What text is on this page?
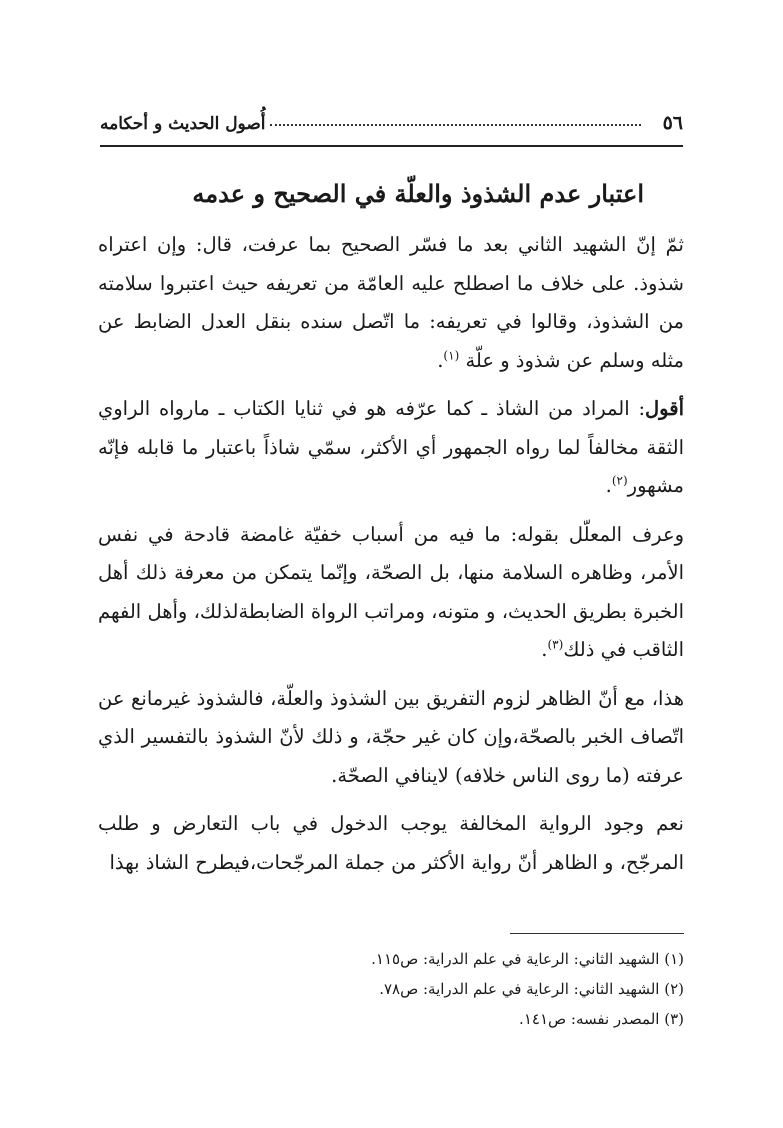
٥٦
أُصول الحديث و أحكامه
اعتبار عدم الشذوذ والعلّة في الصحيح و عدمه

ثمّ إنّ الشهيد الثاني بعد ما فسّر الصحيح بما عرفت، قال: وإن اعتراه شذوذ. على خلاف ما اصطلح عليه العامّة من تعريفه حيث اعتبروا سلامته من الشذوذ، وقالوا في تعريفه: ما اتّصل سنده بنقل العدل الضابط عن مثله وسلم عن شذوذ و علّة $^{(١)}$.

أقول: المراد من الشاذ ـ كما عرّفه هو في ثنايا الكتاب ـ مارواه الراوي الثقة مخالفاً لما رواه الجمهور أي الأكثر، سمّي شاذاً باعتبار ما قابله فإنّه مشهور$^{(٢)}$.

وعرف المعلّل بقوله: ما فيه من أسباب خفيّة غامضة قادحة في نفس الأمر، وظاهره السلامة منها، بل الصحّة، وإنّما يتمكن من معرفة ذلك أهل الخبرة بطريق الحديث، و متونه، ومراتب الرواة الضابطةلذلك، وأهل الفهم الثاقب في ذلك$^{(٣)}$.

هذا، مع أنّ الظاهر لزوم التفريق بين الشذوذ والعلّة، فالشذوذ غيرمانع عن اتّصاف الخبر بالصحّة،وإن كان غير حجّة، و ذلك لأنّ الشذوذ بالتفسير الذي عرفته (ما روى الناس خلافه) لاينافي الصحّة.

نعم وجود الرواية المخالفة يوجب الدخول في باب التعارض و طلب المرجّح، و الظاهر أنّ رواية الأكثر من جملة المرجّحات،فيطرح الشاذ بهذا

(١) الشهيد الثاني: الرعاية في علم الدراية: ص١١٥.

(٢) الشهيد الثاني: الرعاية في علم الدراية: ص٧٨.

(٣) المصدر نفسه: ص١٤١.
